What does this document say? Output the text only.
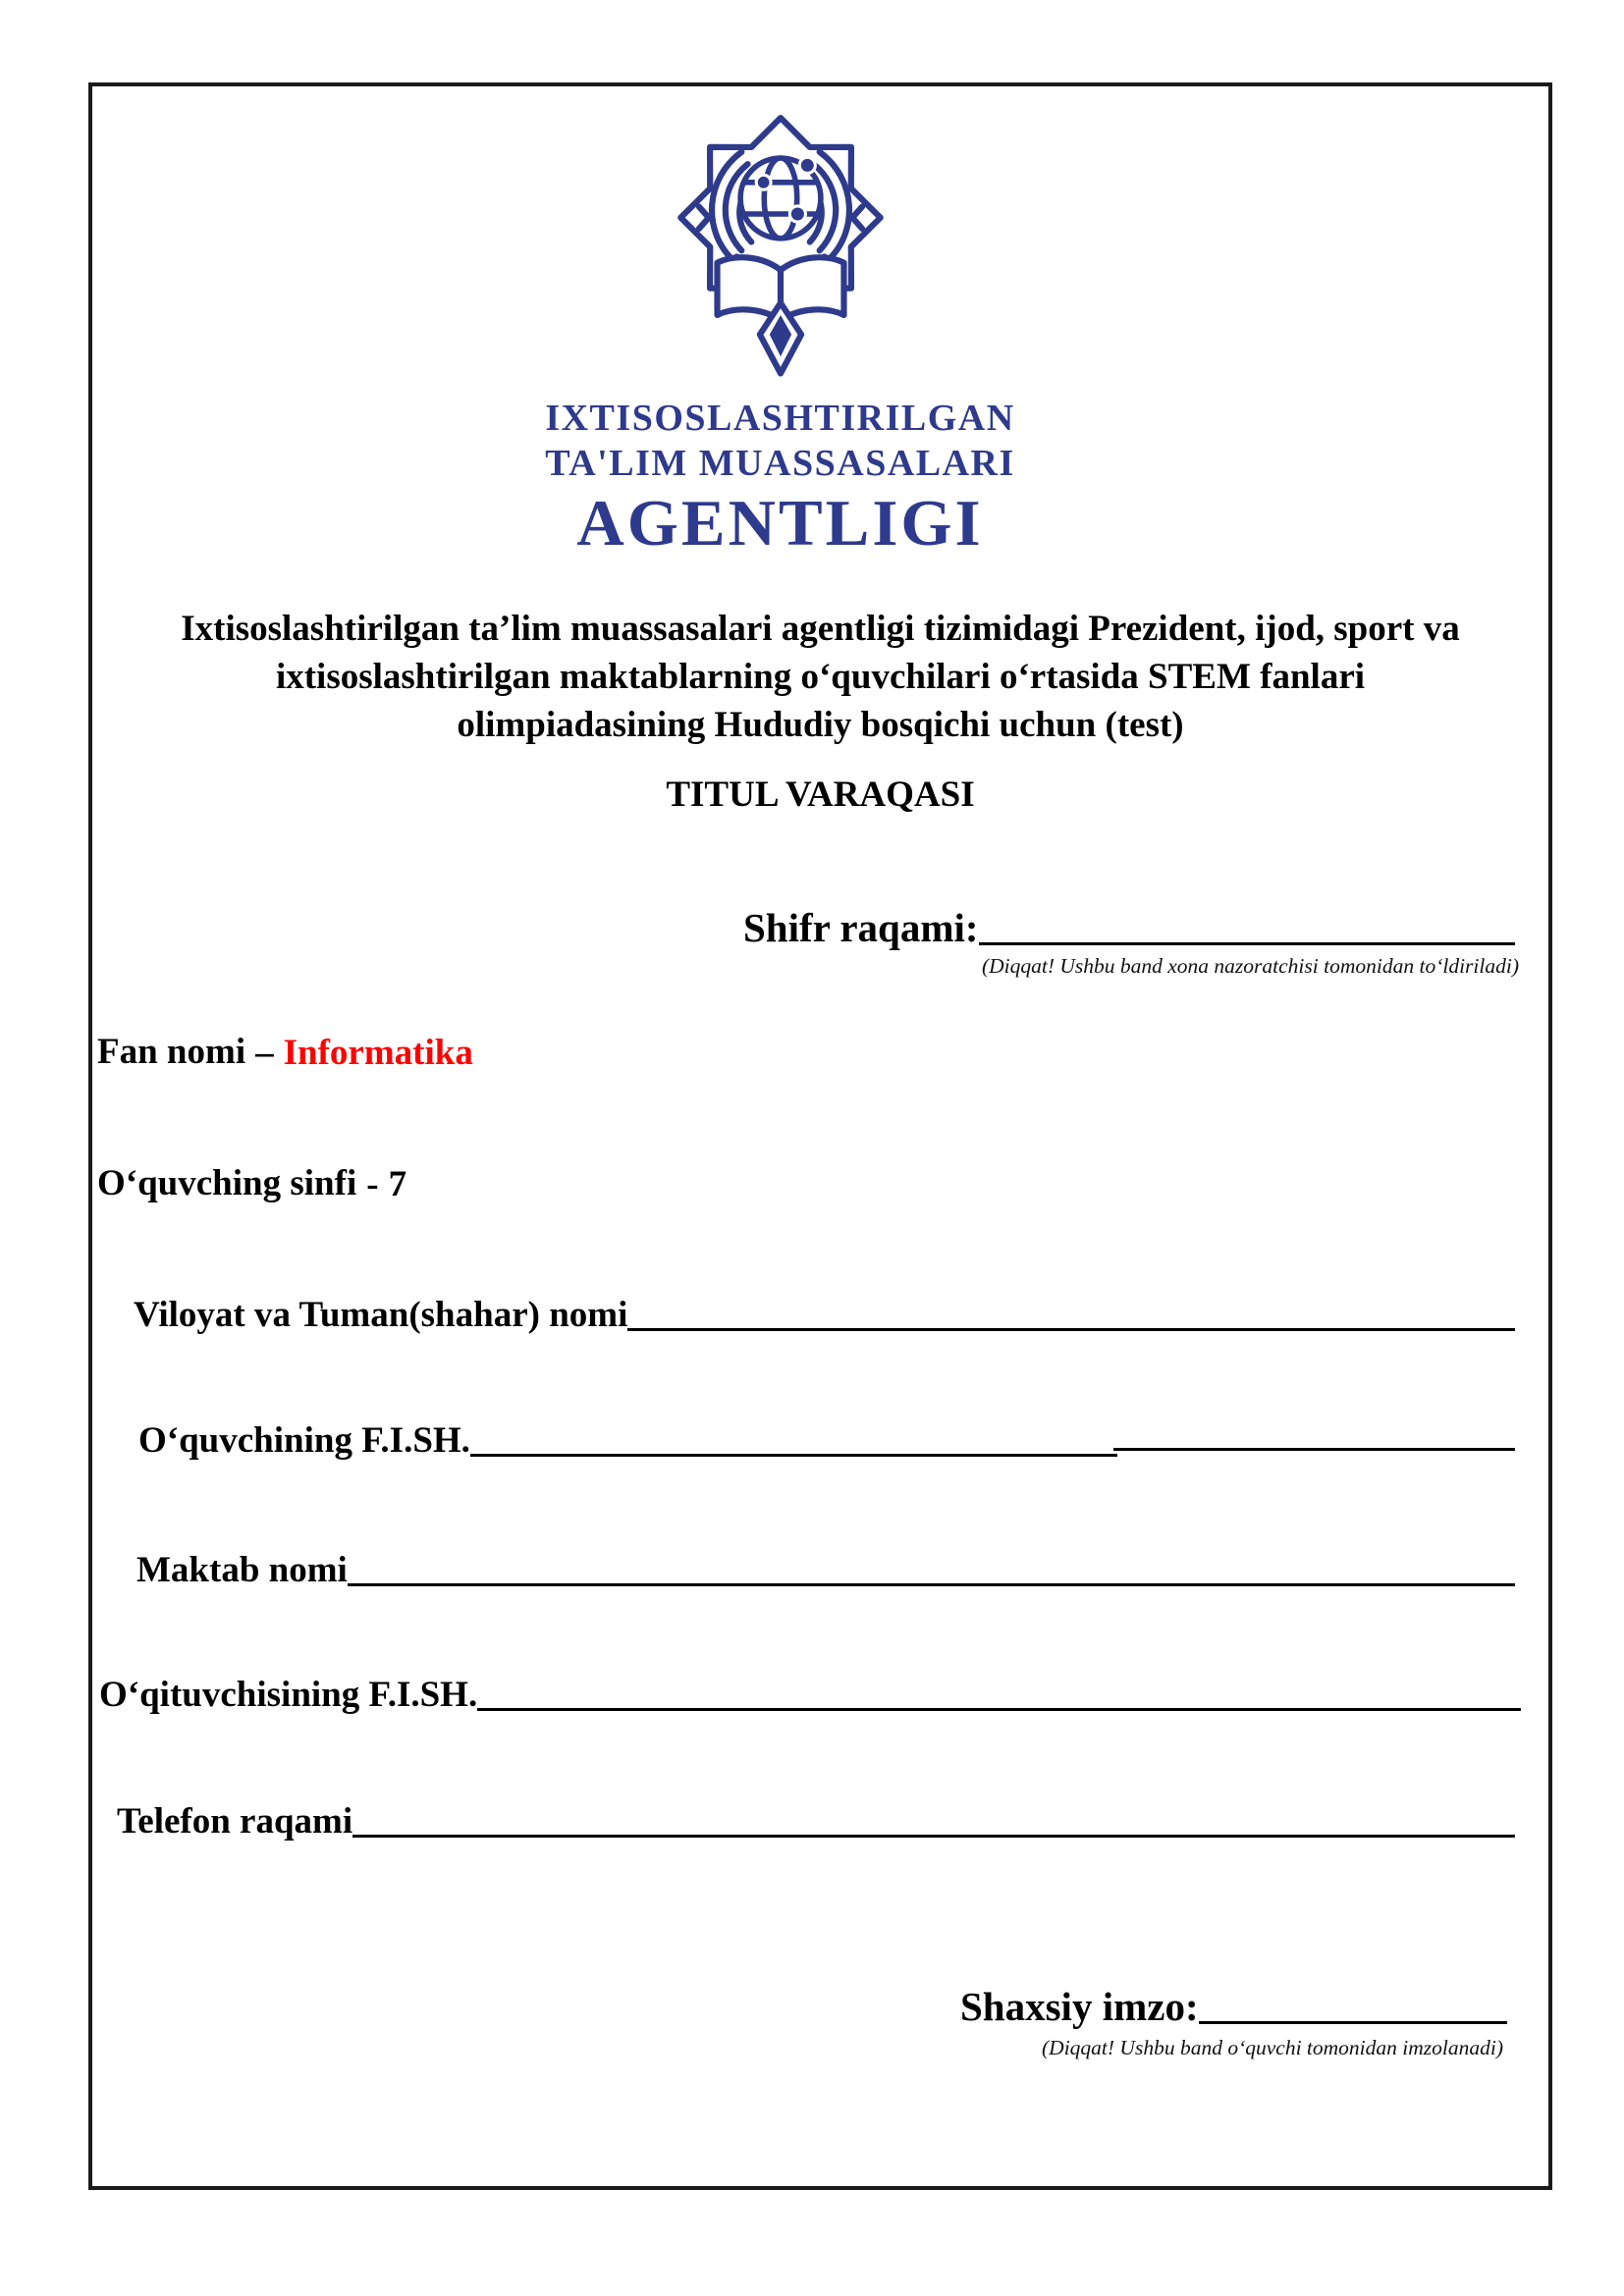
IXTISOSLASHTIRILGAN
TA'LIM MUASSASALARI
AGENTLIGI
Ixtisoslashtirilgan ta’lim muassasalari agentligi tizimidagi Prezident, ijod, sport va
ixtisoslashtirilgan maktablarning o‘quvchilari o‘rtasida STEM fanlari
olimpiadasining Hududiy bosqichi uchun (test)
TITUL VARAQASI
Shifr raqami:
(Diqqat! Ushbu band xona nazoratchisi tomonidan to‘ldiriladi)
Fan nomi – Informatika
O‘quvching sinfi - 7
Viloyat va Tuman(shahar) nomi
O‘quvchining F.I.SH.
Maktab nomi
O‘qituvchisining F.I.SH.
Telefon raqami
Shaxsiy imzo:
(Diqqat! Ushbu band o‘quvchi tomonidan imzolanadi)
